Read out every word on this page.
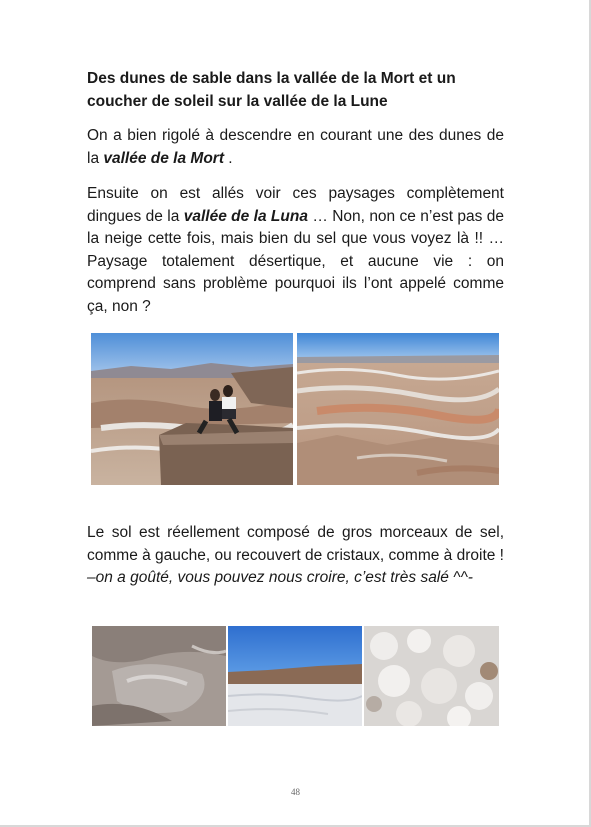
Des dunes de sable dans la vallée de la Mort et un coucher de soleil sur la vallée de la Lune

On a bien rigolé à descendre en courant une des dunes de la vallée de la Mort .

Ensuite on est allés voir ces paysages complètement dingues de la vallée de la Luna … Non, non ce n’est pas de la neige cette fois, mais bien du sel que vous voyez là !! … Paysage totalement désertique, et aucune vie : on comprend sans problème pourquoi ils l’ont appelé comme ça, non ?

Le sol est réellement composé de gros morceaux de sel, comme à gauche, ou recouvert de cristaux, comme à droite ! –on a goûté, vous pouvez nous croire, c’est très salé ^^-

48
